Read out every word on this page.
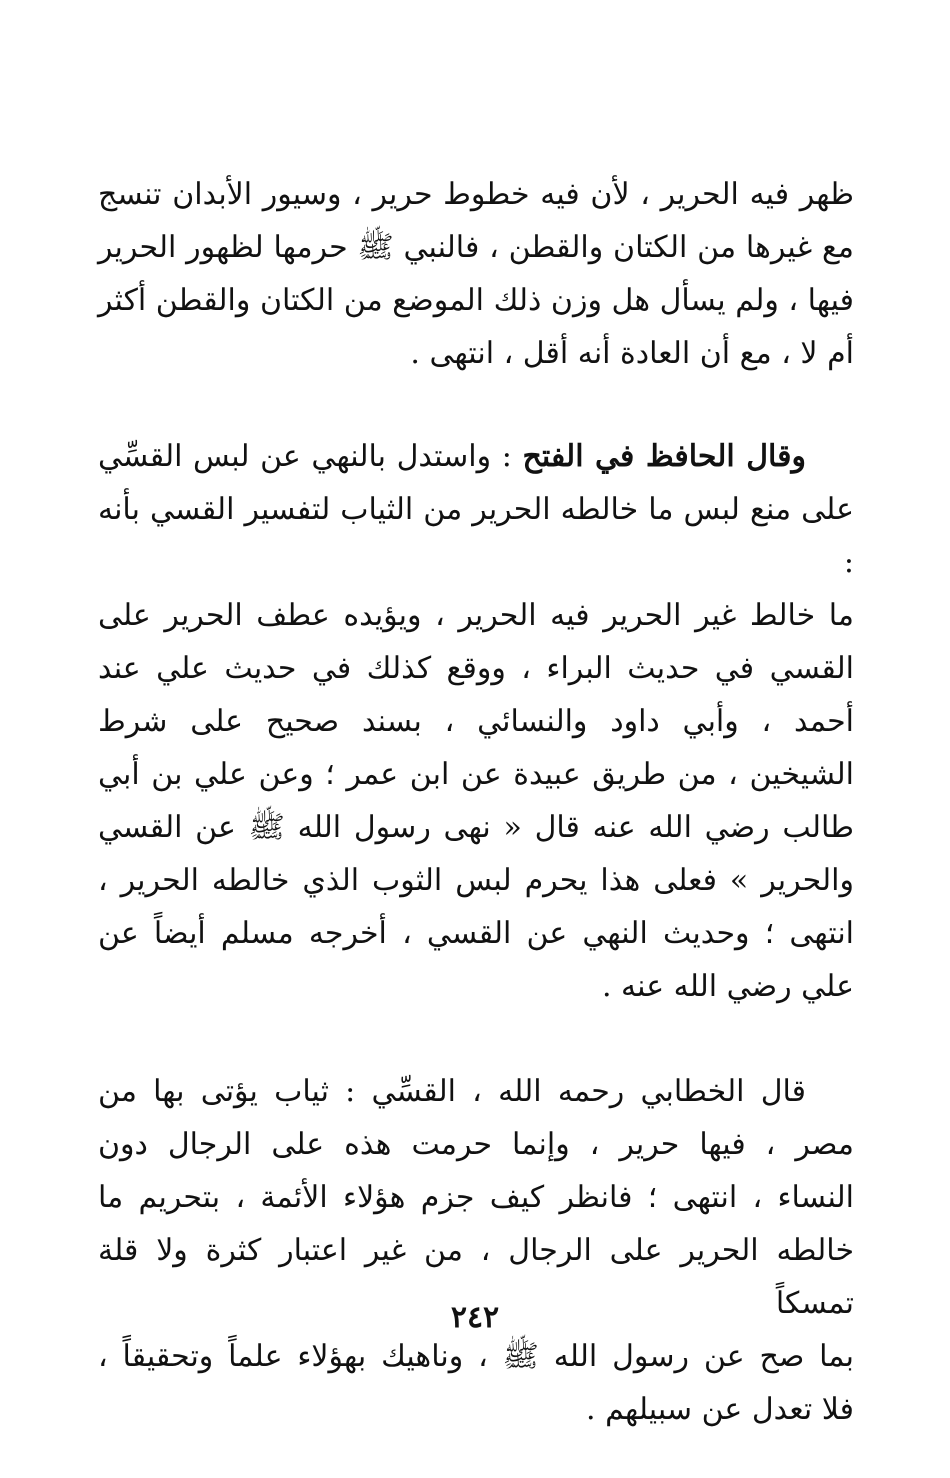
ظهر فيه الحرير ، لأن فيه خطوط حرير ، وسيور الأبدان تنسج
مع غيرها من الكتان والقطن ، فالنبي ﷺ حرمها لظهور الحرير
فيها ، ولم يسأل هل وزن ذلك الموضع من الكتان والقطن أكثر
أم لا ، مع أن العادة أنه أقل ، انتهى .

وقال الحافظ في الفتح : واستدل بالنهي عن لبس القسِّي
على منع لبس ما خالطه الحرير من الثياب لتفسير القسي بأنه :
ما خالط غير الحرير فيه الحرير ، ويؤيده عطف الحرير على
القسي في حديث البراء ، ووقع كذلك في حديث علي عند
أحمد ، وأبي داود والنسائي ، بسند صحيح على شرط
الشيخين ، من طريق عبيدة عن ابن عمر ؛ وعن علي بن أبي
طالب رضي الله عنه قال « نهى رسول الله ﷺ عن القسي
والحرير » فعلى هذا يحرم لبس الثوب الذي خالطه الحرير ،
انتهى ؛ وحديث النهي عن القسي ، أخرجه مسلم أيضاً عن
علي رضي الله عنه .

قال الخطابي رحمه الله ، القسِّي : ثياب يؤتى بها من
مصر ، فيها حرير ، وإنما حرمت هذه على الرجال دون
النساء ، انتهى ؛ فانظر كيف جزم هؤلاء الأئمة ، بتحريم ما
خالطه الحرير على الرجال ، من غير اعتبار كثرة ولا قلة تمسكاً
بما صح عن رسول الله ﷺ ، وناهيك بهؤلاء علماً وتحقيقاً ،
فلا تعدل عن سبيلهم .

٢٤٢
